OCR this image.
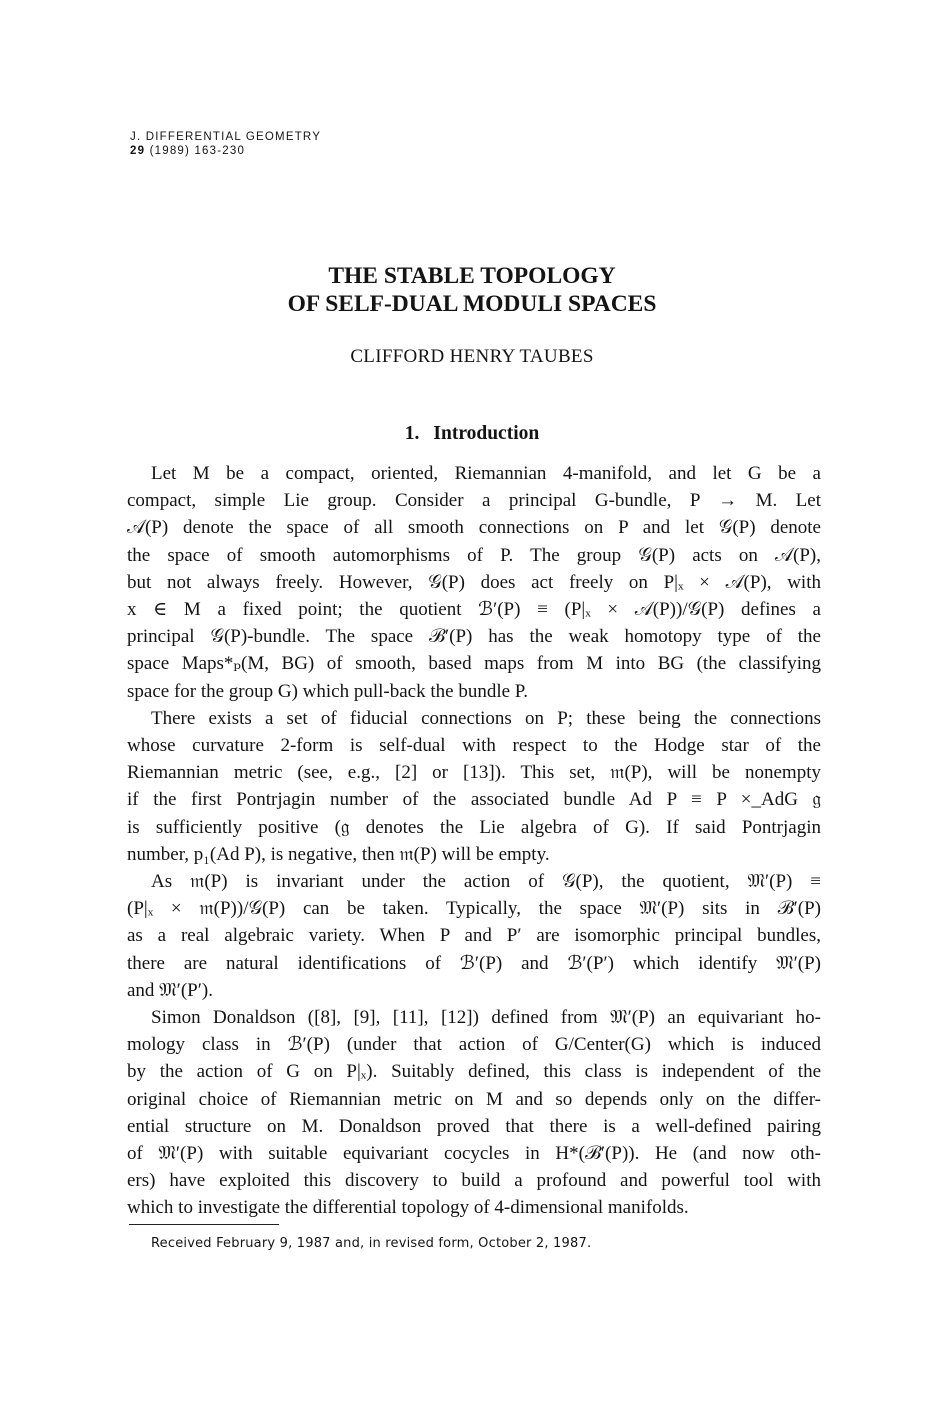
J. DIFFERENTIAL GEOMETRY
29 (1989) 163-230
THE STABLE TOPOLOGY
OF SELF-DUAL MODULI SPACES
CLIFFORD HENRY TAUBES
1. Introduction

Let M be a compact, oriented, Riemannian 4-manifold, and let G be a

compact, simple Lie group. Consider a principal G-bundle, P → M. Let

𝒜(P) denote the space of all smooth connections on P and let 𝒢(P) denote

the space of smooth automorphisms of P. The group 𝒢(P) acts on 𝒜(P),

but not always freely. However, 𝒢(P) does act freely on P|ₓ × 𝒜(P), with

x ∈ M a fixed point; the quotient ℬ′(P) ≡ (P|ₓ × 𝒜(P))/𝒢(P) defines a

principal 𝒢(P)-bundle. The space ℬ′(P) has the weak homotopy type of the

space Maps*ₚ(M, BG) of smooth, based maps from M into BG (the classifying

space for the group G) which pull-back the bundle P.

There exists a set of fiducial connections on P; these being the connections

whose curvature 2-form is self-dual with respect to the Hodge star of the

Riemannian metric (see, e.g., [2] or [13]). This set, 𝔪(P), will be nonempty

if the first Pontrjagin number of the associated bundle Ad P ≡ P ×_AdG 𝔤

is sufficiently positive (𝔤 denotes the Lie algebra of G). If said Pontrjagin

number, p₁(Ad P), is negative, then 𝔪(P) will be empty.

As 𝔪(P) is invariant under the action of 𝒢(P), the quotient, 𝔐′(P) ≡

(P|ₓ × 𝔪(P))/𝒢(P) can be taken. Typically, the space 𝔐′(P) sits in ℬ′(P)

as a real algebraic variety. When P and P′ are isomorphic principal bundles,

there are natural identifications of ℬ′(P) and ℬ′(P′) which identify 𝔐′(P)

and 𝔐′(P′).

Simon Donaldson ([8], [9], [11], [12]) defined from 𝔐′(P) an equivariant ho-

mology class in ℬ′(P) (under that action of G/Center(G) which is induced

by the action of G on P|ₓ). Suitably defined, this class is independent of the

original choice of Riemannian metric on M and so depends only on the differ-

ential structure on M. Donaldson proved that there is a well-defined pairing

of 𝔐′(P) with suitable equivariant cocycles in H*(ℬ′(P)). He (and now oth-

ers) have exploited this discovery to build a profound and powerful tool with

which to investigate the differential topology of 4-dimensional manifolds.

Received February 9, 1987 and, in revised form, October 2, 1987.
